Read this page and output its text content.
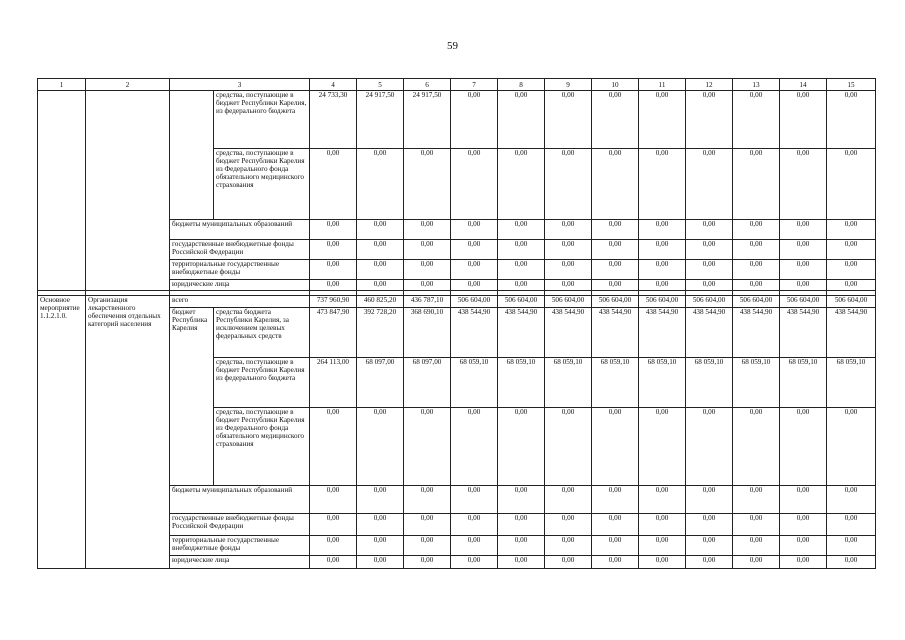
59
1	2	3		4	5	6	7	8	9	10	11	12	13	14	15
			средства, поступающие в бюджет Республики Карелия, из федерального бюджета	24 733,30	24 917,50	24 917,50	0,00	0,00	0,00	0,00	0,00	0,00	0,00	0,00	0,00
			средства, поступающие в бюджет Республики Карелия из Федерального фонда обязательного медицинского страхования	0,00	0,00	0,00	0,00	0,00	0,00	0,00	0,00	0,00	0,00	0,00	0,00
		бюджеты муниципальных образований		0,00	0,00	0,00	0,00	0,00	0,00	0,00	0,00	0,00	0,00	0,00	0,00
		государственные внебюджетные фонды Российской Федерации		0,00	0,00	0,00	0,00	0,00	0,00	0,00	0,00	0,00	0,00	0,00	0,00
		территориальные государственные внебюджетные фонды		0,00	0,00	0,00	0,00	0,00	0,00	0,00	0,00	0,00	0,00	0,00	0,00
		юридические лица		0,00	0,00	0,00	0,00	0,00	0,00	0,00	0,00	0,00	0,00	0,00	0,00

Основное мероприятие 1.1.2.1.0.	Организация лекарственного обеспечения отдельных категорий населения	всего		737 960,90	460 825,20	436 787,10	506 604,00	506 604,00	506 604,00	506 604,00	506 604,00	506 604,00	506 604,00	506 604,00	506 604,00
		бюджет Республика Карелия	средства бюджета Республики Карелия, за исключением целевых федеральных средств	473 847,90	392 728,20	368 690,10	438 544,90	438 544,90	438 544,90	438 544,90	438 544,90	438 544,90	438 544,90	438 544,90	438 544,90
			средства, поступающие в бюджет Республики Карелия из федерального бюджета	264 113,00	68 097,00	68 097,00	68 059,10	68 059,10	68 059,10	68 059,10	68 059,10	68 059,10	68 059,10	68 059,10	68 059,10
			средства, поступающие в бюджет Республики Карелия из Федерального фонда обязательного медицинского страхования	0,00	0,00	0,00	0,00	0,00	0,00	0,00	0,00	0,00	0,00	0,00	0,00
		бюджеты муниципальных образований		0,00	0,00	0,00	0,00	0,00	0,00	0,00	0,00	0,00	0,00	0,00	0,00
		государственные внебюджетные фонды Российской Федерации		0,00	0,00	0,00	0,00	0,00	0,00	0,00	0,00	0,00	0,00	0,00	0,00
		территориальные государственные внебюджетные фонды		0,00	0,00	0,00	0,00	0,00	0,00	0,00	0,00	0,00	0,00	0,00	0,00
		юридические лица		0,00	0,00	0,00	0,00	0,00	0,00	0,00	0,00	0,00	0,00	0,00	0,00
